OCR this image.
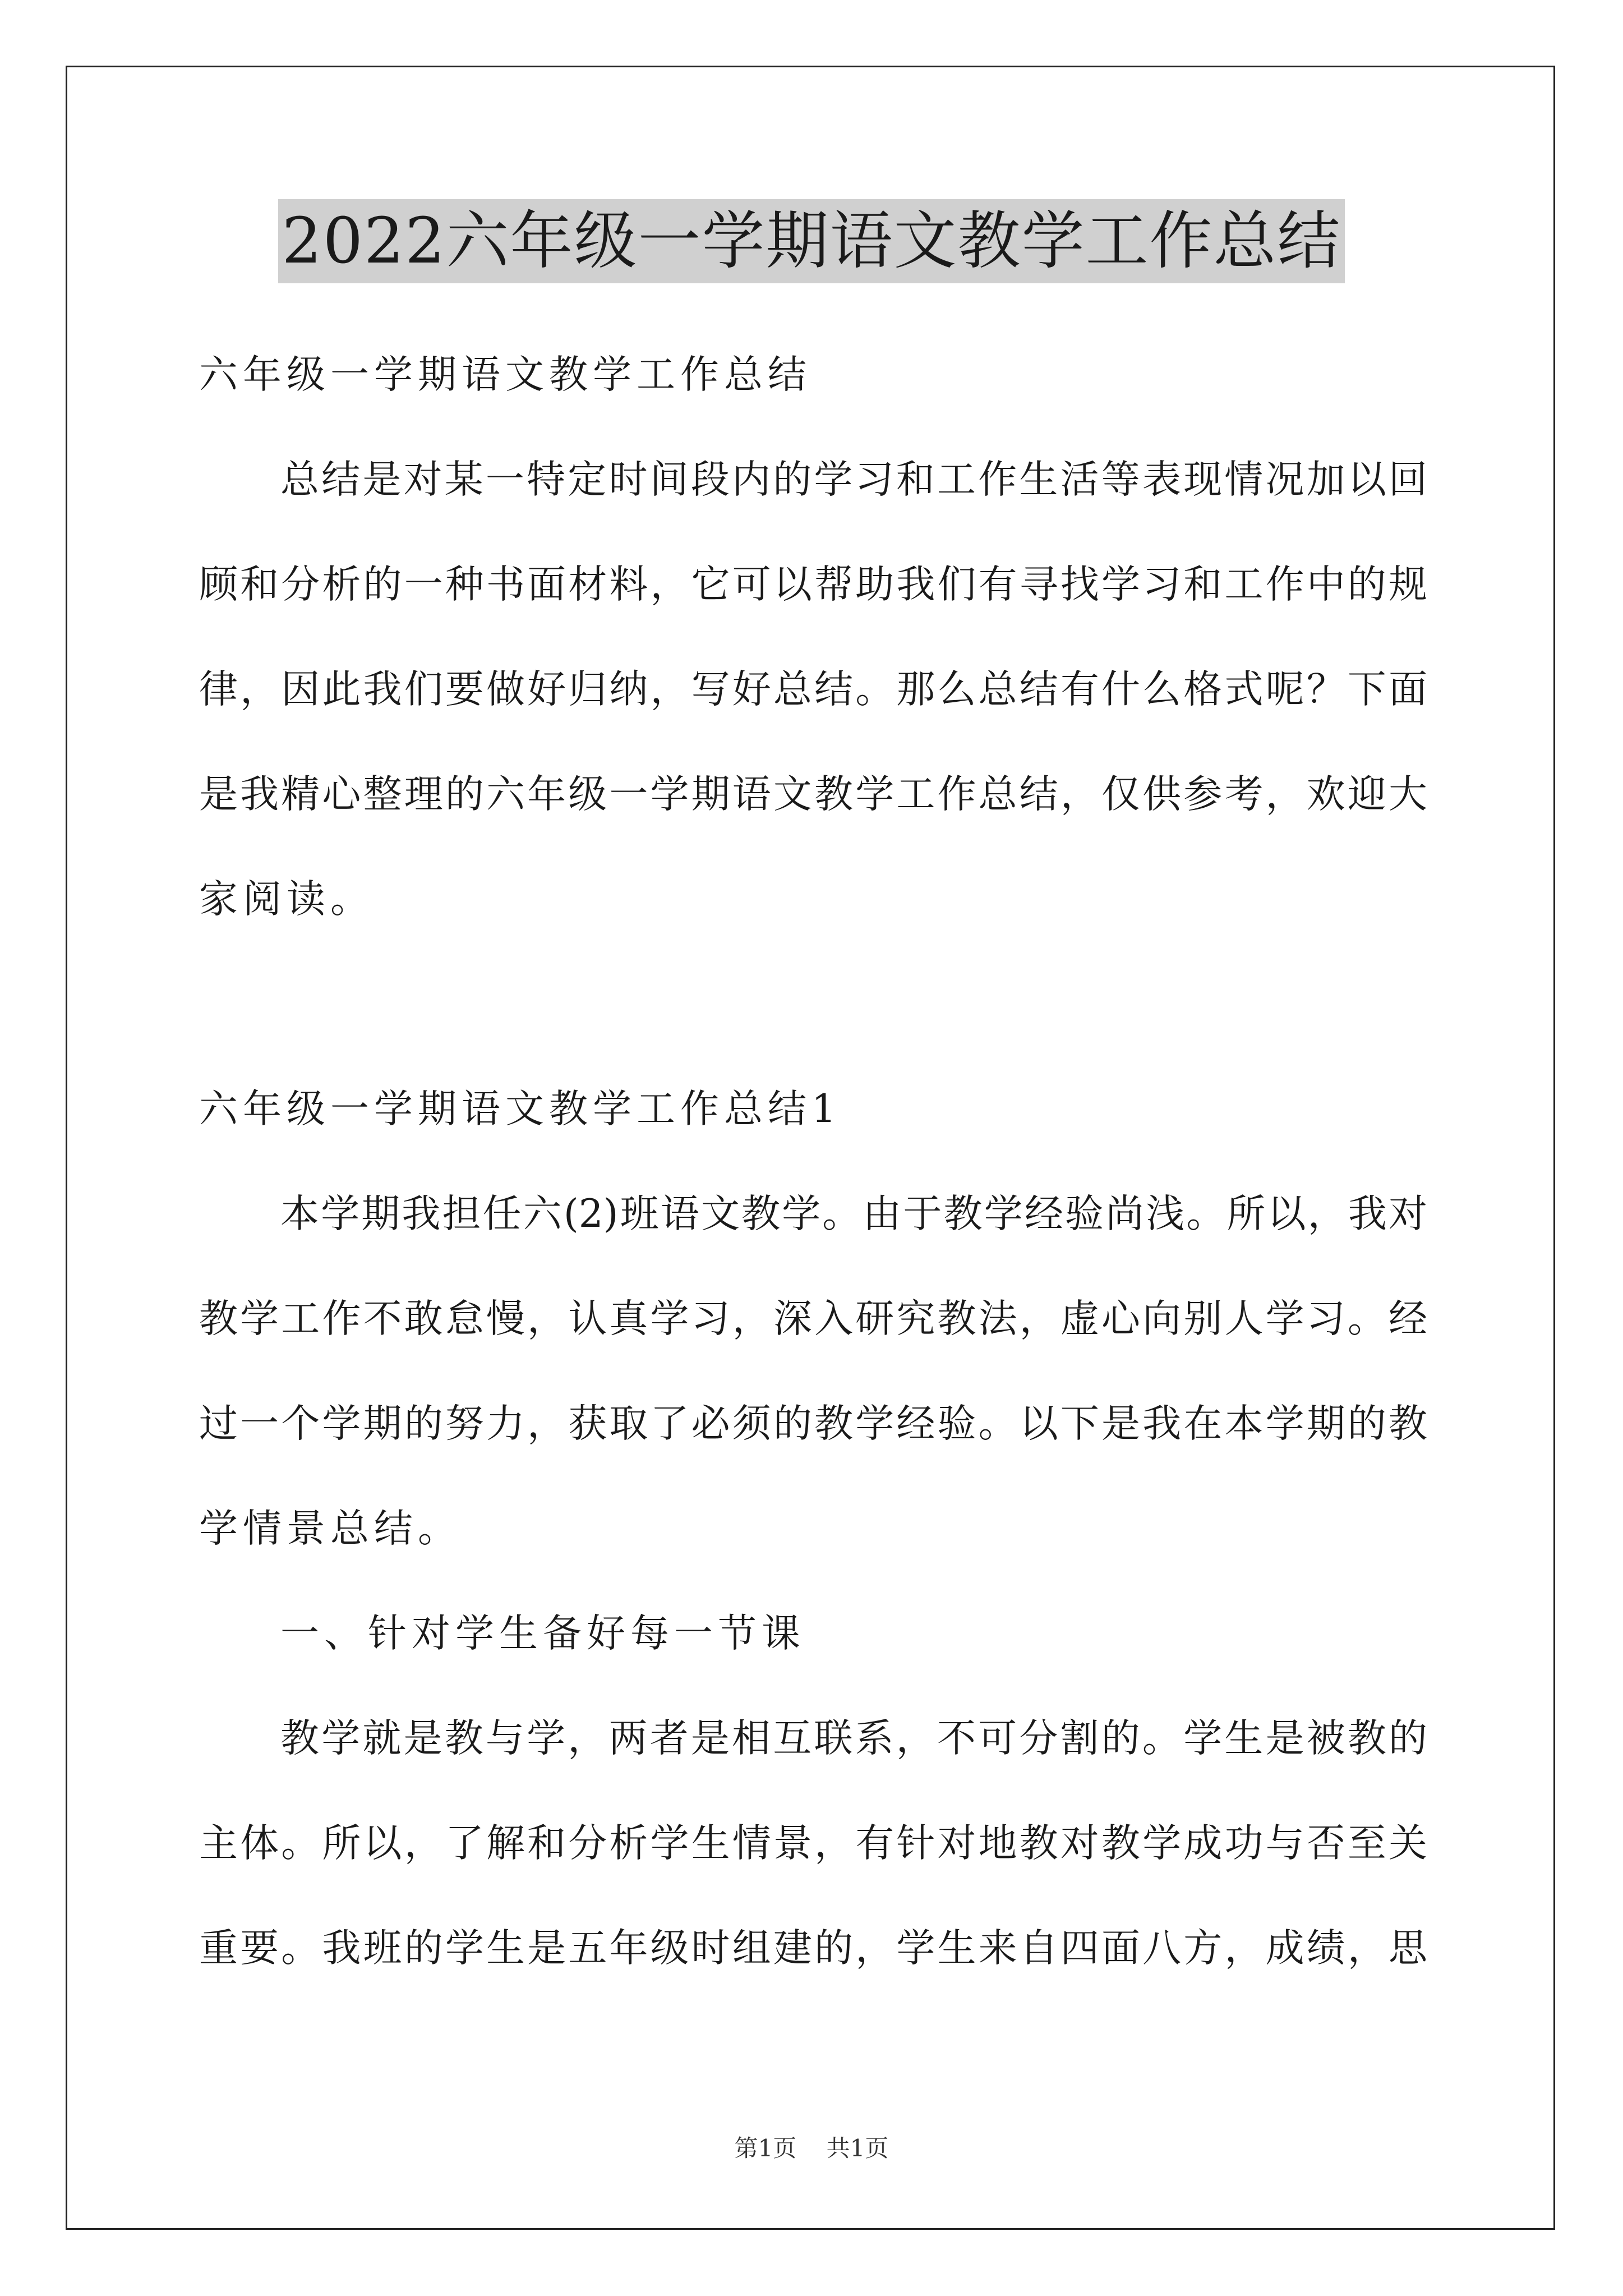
2022六年级一学期语文教学工作总结
六年级一学期语文教学工作总结
总结是对某一特定时间段内的学习和工作生活等表现情况加以回
顾和分析的一种书面材料，它可以帮助我们有寻找学习和工作中的规
律，因此我们要做好归纳，写好总结。那么总结有什么格式呢？下面
是我精心整理的六年级一学期语文教学工作总结，仅供参考，欢迎大
家阅读。
六年级一学期语文教学工作总结1
本学期我担任六(2)班语文教学。由于教学经验尚浅。所以，我对
教学工作不敢怠慢，认真学习，深入研究教法，虚心向别人学习。经
过一个学期的努力，获取了必须的教学经验。以下是我在本学期的教
学情景总结。
一、针对学生备好每一节课
教学就是教与学，两者是相互联系，不可分割的。学生是被教的
主体。所以，了解和分析学生情景，有针对地教对教学成功与否至关
重要。我班的学生是五年级时组建的，学生来自四面八方，成绩，思
第1页 共1页
